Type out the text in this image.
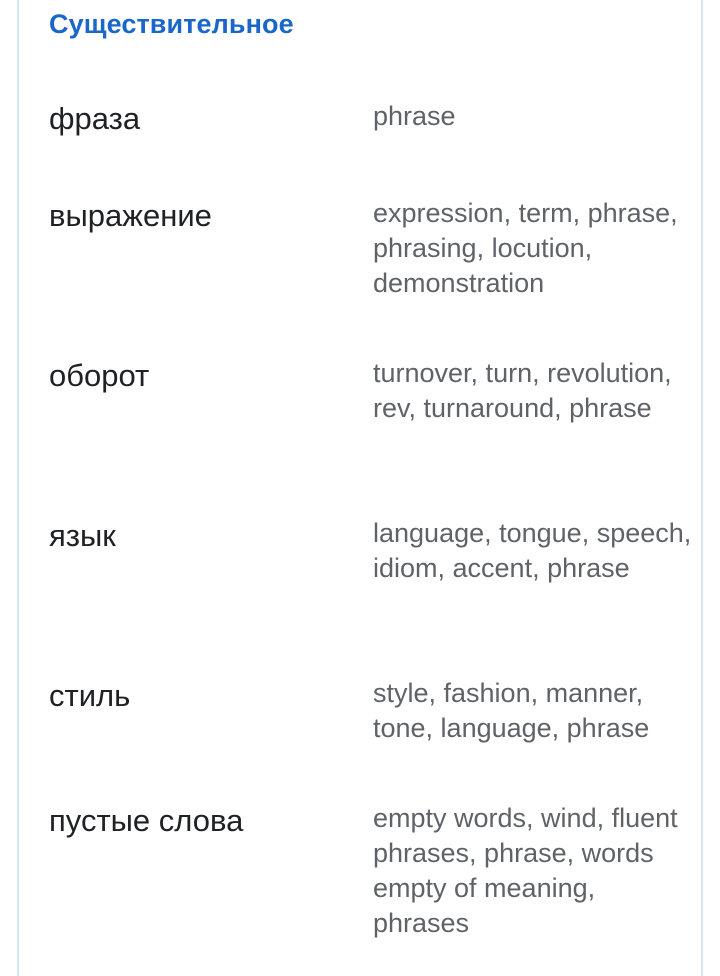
Существительное
фраза	phrase
выражение	expression, term, phrase, phrasing, locution, demonstration
оборот	turnover, turn, revolution, rev, turnaround, phrase
язык	language, tongue, speech, idiom, accent, phrase
стиль	style, fashion, manner, tone, language, phrase
пустые слова	empty words, wind, fluent phrases, phrase, words empty of meaning, phrases
